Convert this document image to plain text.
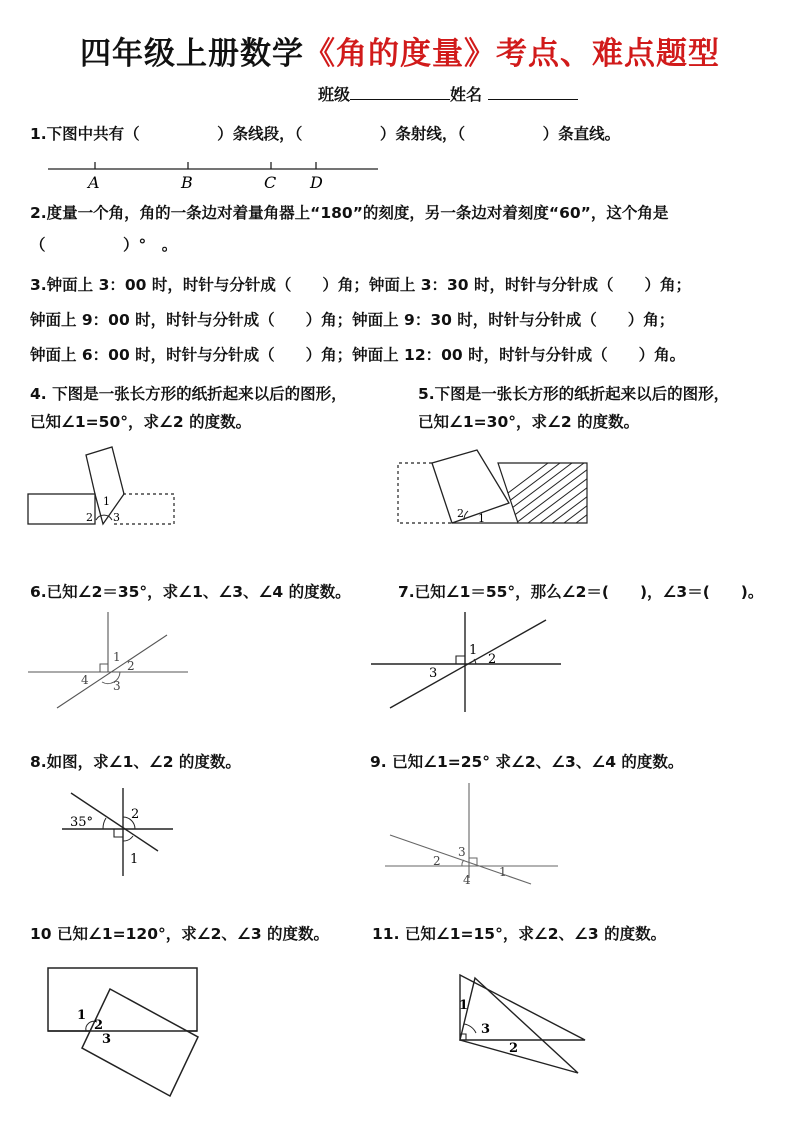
四年级上册数学《角的度量》考点、难点题型
班级	姓名
1.下图中共有（　　　　　）条线段，（　　　　　）条射线，（　　　　　）条直线。
A	B	C D
2.度量一个角，角的一条边对着量角器上“180”的刻度，另一条边对着刻度“60”，这个角是
（　　　　　）°　。
3.钟面上 3：00 时，时针与分针成（　　）角；钟面上 3：30 时，时针与分针成（　　）角；
钟面上 9：00 时，时针与分针成（　　）角；钟面上 9：30 时，时针与分针成（　　）角；
钟面上 6：00 时，时针与分针成（　　）角；钟面上 12：00 时，时针与分针成（　　）角。
4. 下图是一张长方形的纸折起来以后的图形，
已知∠1=50°，求∠2 的度数。
1
2 3
5.下图是一张长方形的纸折起来以后的图形，
已知∠1=30°，求∠2 的度数。
2 1
6.已知∠2＝35°，求∠1、∠3、∠4 的度数。
1
2
3
4
7.已知∠1＝55°，那么∠2＝(　　)，∠3＝(　　)。
1
2
3
8.如图，求∠1、∠2 的度数。
35°
2
1
9. 已知∠1=25° 求∠2、∠3、∠4 的度数。
3
2
1
4
10 已知∠1=120°，求∠2、∠3 的度数。
1
2
3
11. 已知∠1=15°，求∠2、∠3 的度数。
1
3
2
